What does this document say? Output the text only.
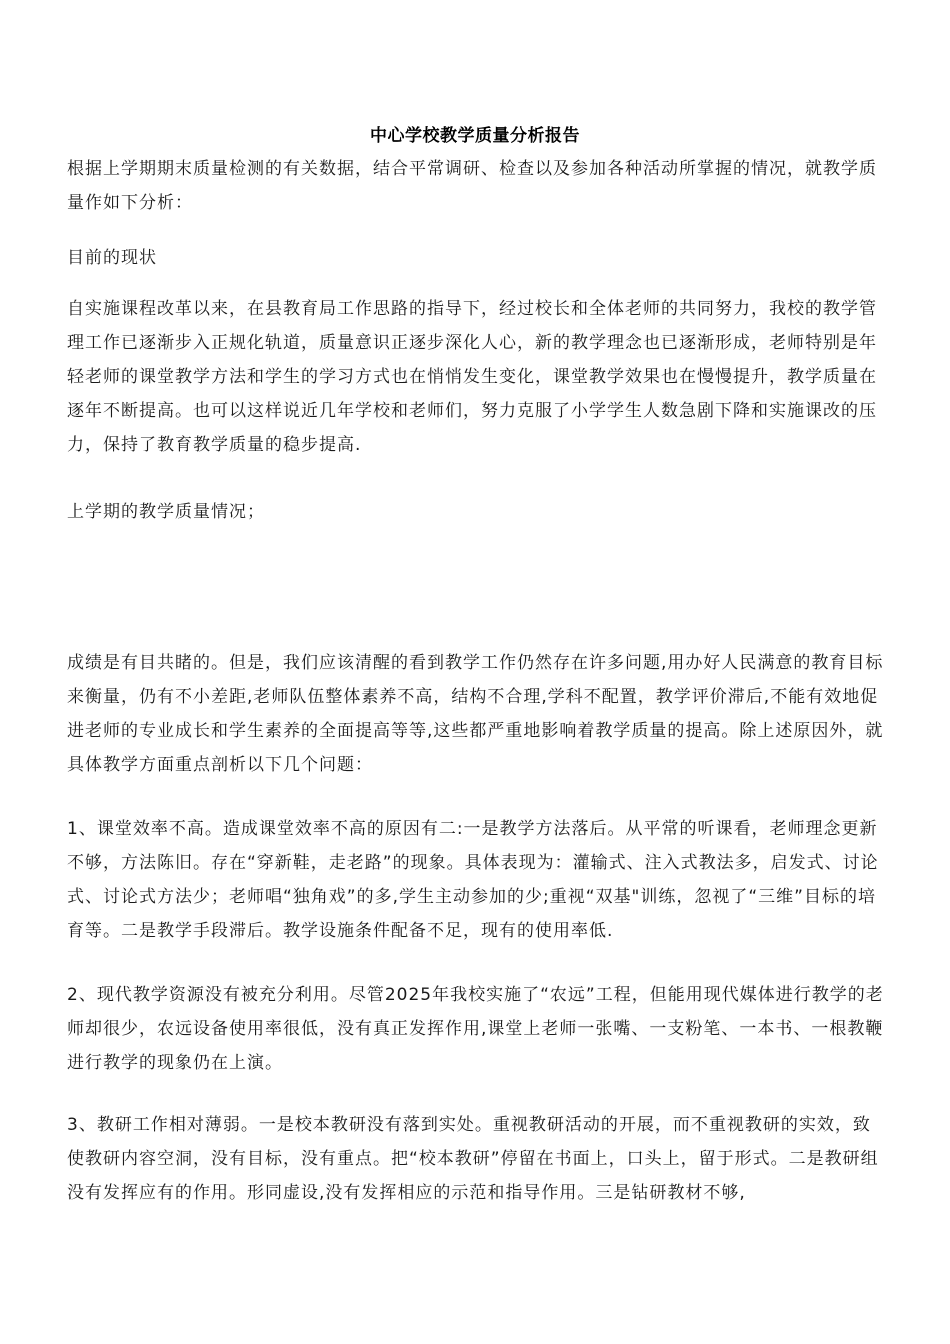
中心学校教学质量分析报告

根据上学期期末质量检测的有关数据，结合平常调研、检查以及参加各种活动所掌握的情况，就教学质量作如下分析：

目前的现状

自实施课程改革以来，在县教育局工作思路的指导下，经过校长和全体老师的共同努力，我校的教学管理工作已逐渐步入正规化轨道，质量意识正逐步深化人心，新的教学理念也已逐渐形成，老师特别是年轻老师的课堂教学方法和学生的学习方式也在悄悄发生变化，课堂教学效果也在慢慢提升，教学质量在逐年不断提高。也可以这样说近几年学校和老师们，努力克服了小学学生人数急剧下降和实施课改的压力，保持了教育教学质量的稳步提高.

上学期的教学质量情况；

成绩是有目共睹的。但是，我们应该清醒的看到教学工作仍然存在许多问题,用办好人民满意的教育目标来衡量，仍有不小差距,老师队伍整体素养不高，结构不合理,学科不配置，教学评价滞后,不能有效地促进老师的专业成长和学生素养的全面提高等等,这些都严重地影响着教学质量的提高。除上述原因外，就具体教学方面重点剖析以下几个问题：

1、课堂效率不高。造成课堂效率不高的原因有二:一是教学方法落后。从平常的听课看，老师理念更新不够，方法陈旧。存在“穿新鞋，走老路”的现象。具体表现为：灌输式、注入式教法多，启发式、讨论式、讨论式方法少；老师唱“独角戏”的多,学生主动参加的少;重视“双基"训练，忽视了“三维”目标的培育等。二是教学手段滞后。教学设施条件配备不足，现有的使用率低.

2、现代教学资源没有被充分利用。尽管2025年我校实施了“农远”工程，但能用现代媒体进行教学的老师却很少，农远设备使用率很低，没有真正发挥作用,课堂上老师一张嘴、一支粉笔、一本书、一根教鞭进行教学的现象仍在上演。

3、教研工作相对薄弱。一是校本教研没有落到实处。重视教研活动的开展，而不重视教研的实效，致使教研内容空洞，没有目标，没有重点。把“校本教研”停留在书面上，口头上，留于形式。二是教研组没有发挥应有的作用。形同虚设,没有发挥相应的示范和指导作用。三是钻研教材不够,
